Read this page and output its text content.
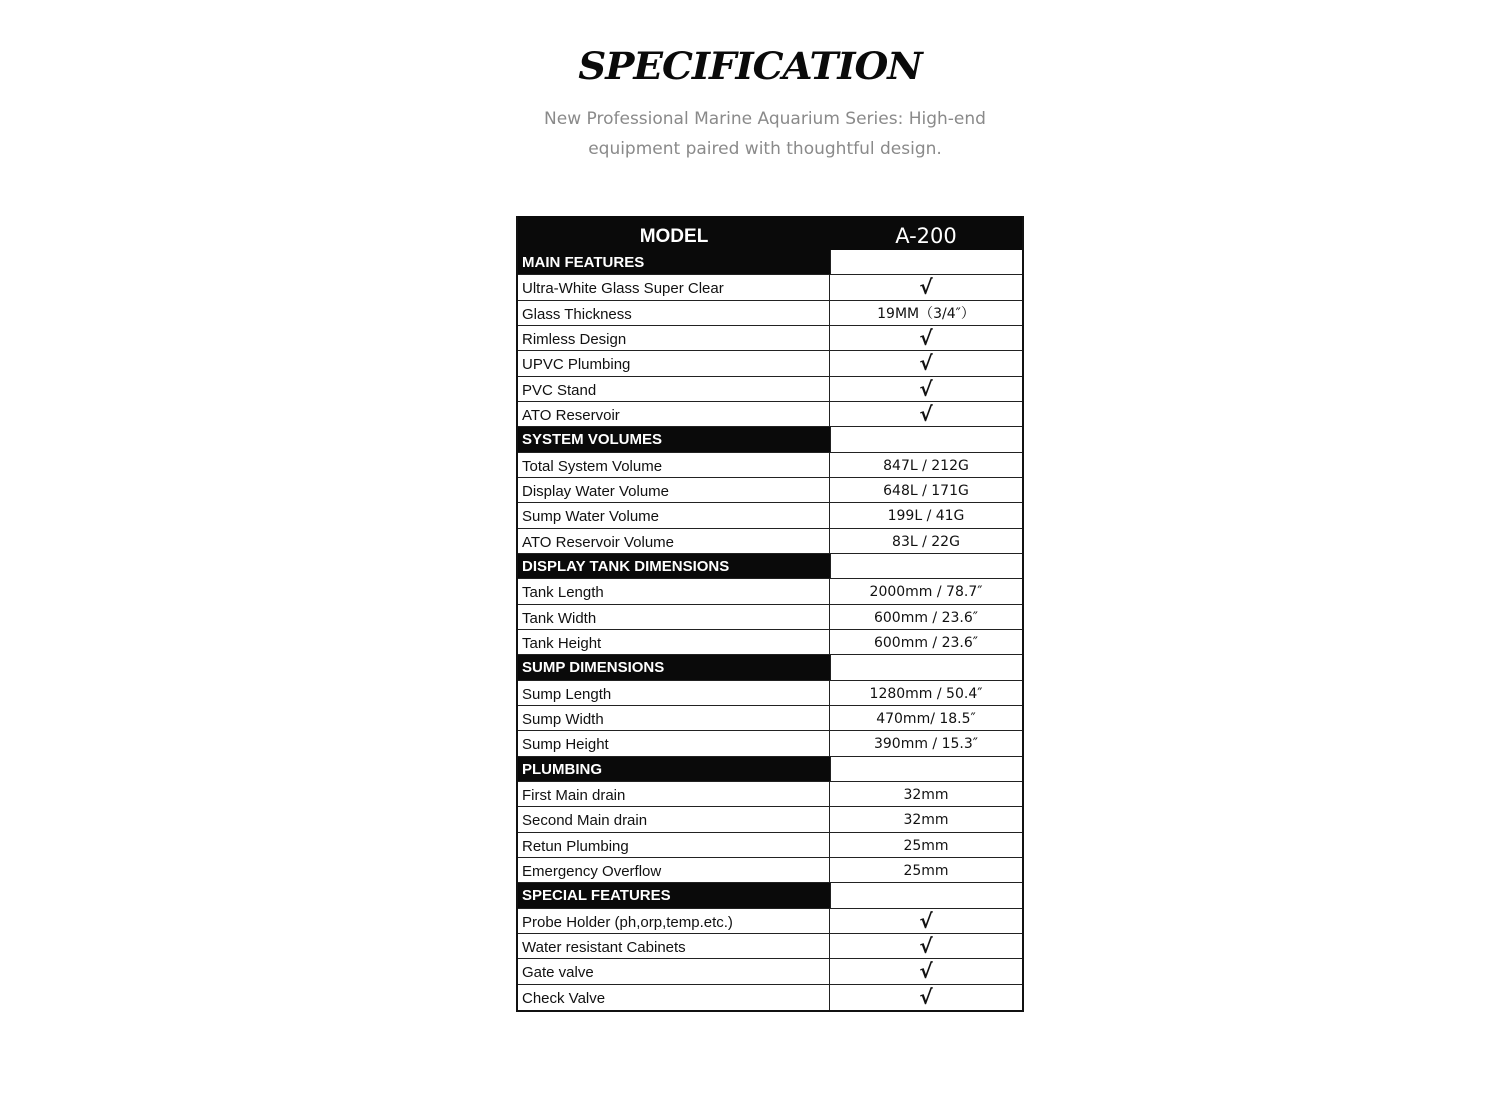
SPECIFICATION
New Professional Marine Aquarium Series: High-end equipment paired with thoughtful design.
MODEL	A-200
MAIN FEATURES
Ultra-White Glass Super Clear	√
Glass Thickness	19MM（3/4″）
Rimless Design	√
UPVC Plumbing	√
PVC Stand	√
ATO Reservoir	√
SYSTEM VOLUMES
Total System Volume	847L / 212G
Display Water Volume	648L / 171G
Sump Water Volume	199L / 41G
ATO Reservoir Volume	83L / 22G
DISPLAY TANK DIMENSIONS
Tank Length	2000mm / 78.7″
Tank Width	600mm / 23.6″
Tank Height	600mm / 23.6″
SUMP DIMENSIONS
Sump Length	1280mm / 50.4″
Sump Width	470mm/ 18.5″
Sump Height	390mm / 15.3″
PLUMBING
First Main drain	32mm
Second Main drain	32mm
Retun Plumbing	25mm
Emergency Overflow	25mm
SPECIAL FEATURES
Probe Holder (ph,orp,temp.etc.)	√
Water resistant Cabinets	√
Gate valve	√
Check Valve	√
